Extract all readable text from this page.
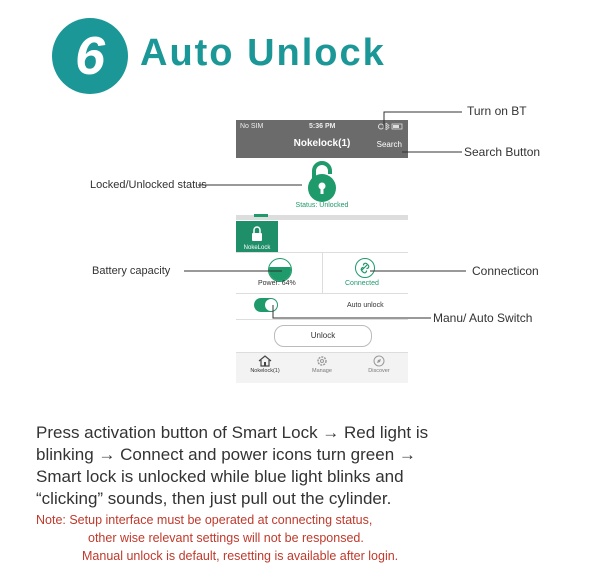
6 Auto Unlock
No SIM	5:36 PM
Nokelock(1)	Search
Status: Unlocked
NokeLock
Power: 64%	Connected
Auto unlock
Unlock
Nokelock(1)	Manage	Discover
Turn on BT
Search Button
Locked/Unlocked status
Battery capacity	Connecticon
Manu/ Auto Switch
Press activation button of Smart Lock → Red light is
blinking → Connect and power icons turn green →
Smart lock is unlocked while blue light blinks and
“clicking” sounds, then just pull out the cylinder.
Note: Setup interface must be operated at connecting status,
other wise relevant settings will not be responsed.
Manual unlock is default, resetting is available after login.
